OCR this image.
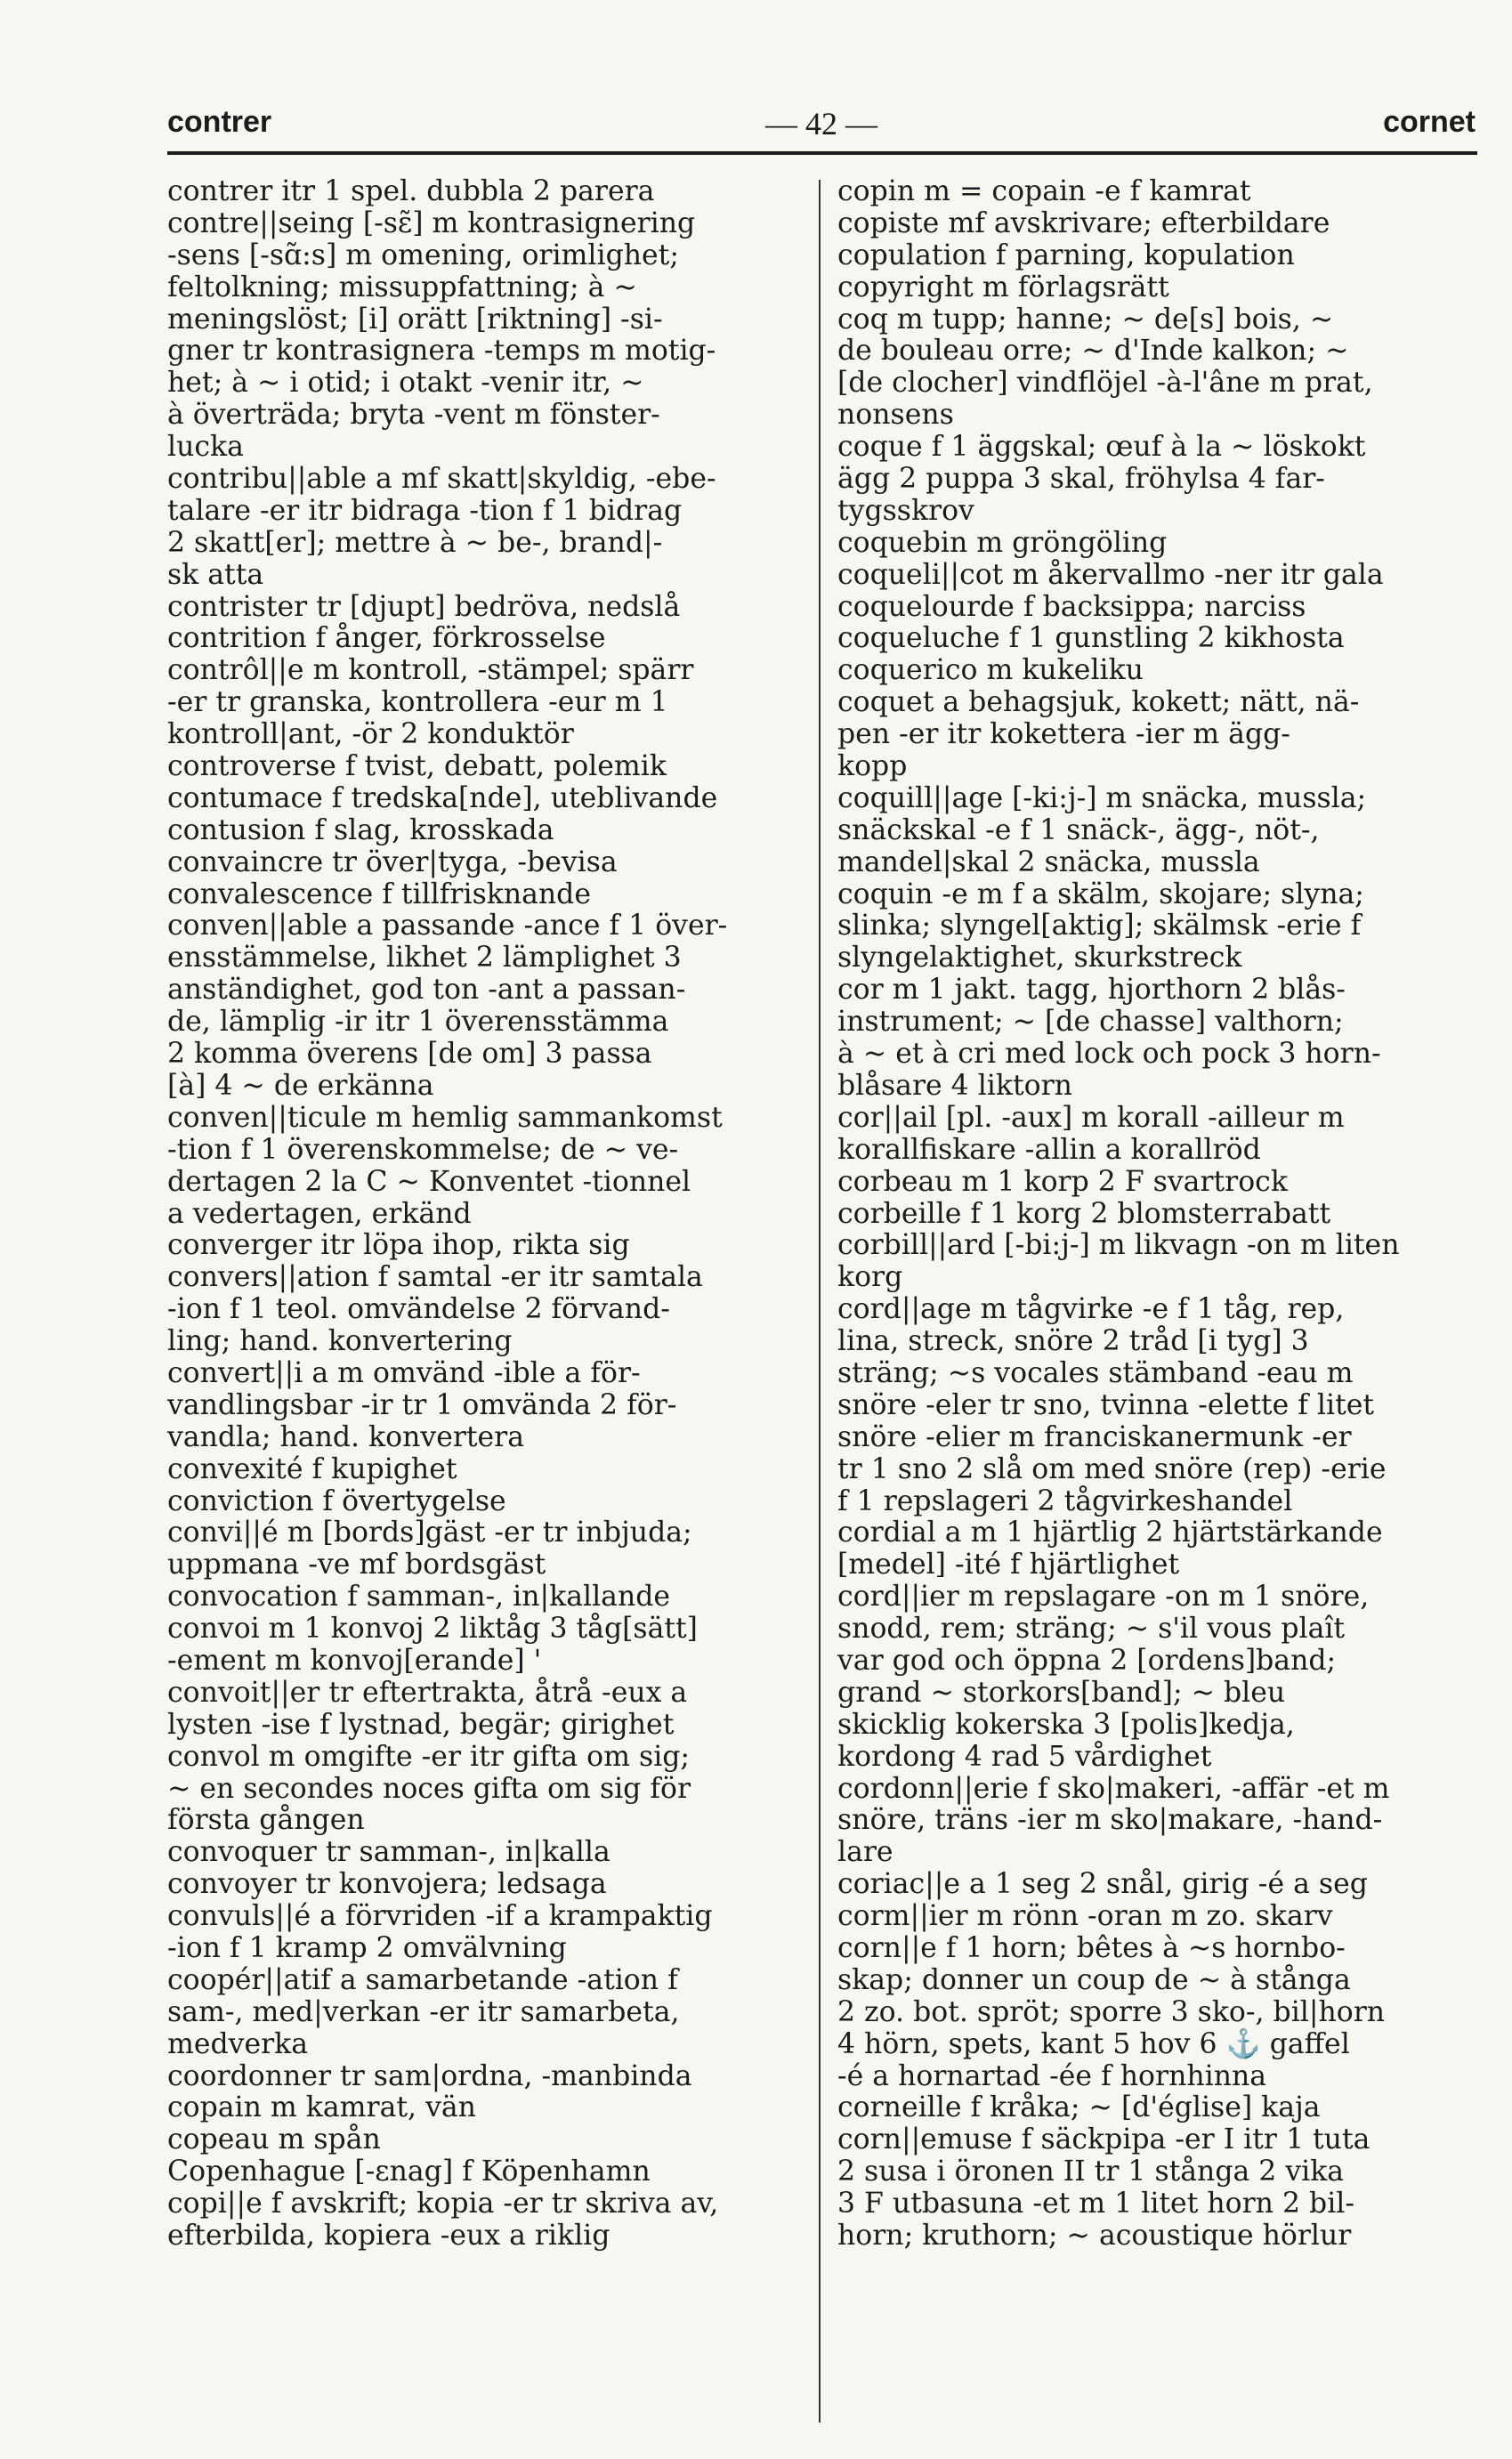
contrer	— 42 —	cornet
contrer itr 1 spel. dubbla 2 parera
contre||seing [-sɛ̃] m kontrasignering
-sens [-sɑ̃:s] m omening, orimlighet;
feltolkning; missuppfattning; à ~
meningslöst; [i] orätt [riktning] -si-
gner tr kontrasignera -temps m motig-
het; à ~ i otid; i otakt -venir itr, ~
à överträda; bryta -vent m fönster-
lucka
contribu||able a mf skatt|skyldig, -ebe-
talare -er itr bidraga -tion f 1 bidrag
2 skatt[er]; mettre à ~ be-, brand|-
sk atta
contrister tr [djupt] bedröva, nedslå
contrition f ånger, förkrosselse
contrôl||e m kontroll, -stämpel; spärr
-er tr granska, kontrollera -eur m 1
kontroll|ant, -ör 2 konduktör
controverse f tvist, debatt, polemik
contumace f tredska[nde], uteblivande
contusion f slag, krosskada
convaincre tr över|tyga, -bevisa
convalescence f tillfrisknande
conven||able a passande -ance f 1 över-
ensstämmelse, likhet 2 lämplighet 3
anständighet, god ton -ant a passan-
de, lämplig -ir itr 1 överensstämma
2 komma överens [de om] 3 passa
[à] 4 ~ de erkänna
conven||ticule m hemlig sammankomst
-tion f 1 överenskommelse; de ~ ve-
dertagen 2 la C ~ Konventet -tionnel
a vedertagen, erkänd
converger itr löpa ihop, rikta sig
convers||ation f samtal -er itr samtala
-ion f 1 teol. omvändelse 2 förvand-
ling; hand. konvertering
convert||i a m omvänd -ible a för-
vandlingsbar -ir tr 1 omvända 2 för-
vandla; hand. konvertera
convexité f kupighet
conviction f övertygelse
convi||é m [bords]gäst -er tr inbjuda;
uppmana -ve mf bordsgäst
convocation f samman-, in|kallande
convoi m 1 konvoj 2 liktåg 3 tåg[sätt]
-ement m konvoj[erande] '
convoit||er tr eftertrakta, åtrå -eux a
lysten -ise f lystnad, begär; girighet
convol m omgifte -er itr gifta om sig;
~ en secondes noces gifta om sig för
första gången
convoquer tr samman-, in|kalla
convoyer tr konvojera; ledsaga
convuls||é a förvriden -if a krampaktig
-ion f 1 kramp 2 omvälvning
coopér||atif a samarbetande -ation f
sam-, med|verkan -er itr samarbeta,
medverka
coordonner tr sam|ordna, -manbinda
copain m kamrat, vän
copeau m spån
Copenhague [-ɛnag] f Köpenhamn
copi||e f avskrift; kopia -er tr skriva av,
efterbilda, kopiera -eux a riklig
copin m = copain -e f kamrat
copiste mf avskrivare; efterbildare
copulation f parning, kopulation
copyright m förlagsrätt
coq m tupp; hanne; ~ de[s] bois, ~
de bouleau orre; ~ d'Inde kalkon; ~
[de clocher] vindflöjel -à-l'âne m prat,
nonsens
coque f 1 äggskal; œuf à la ~ löskokt
ägg 2 puppa 3 skal, fröhylsa 4 far-
tygsskrov
coquebin m gröngöling
coqueli||cot m åkervallmo -ner itr gala
coquelourde f backsippa; narciss
coqueluche f 1 gunstling 2 kikhosta
coquerico m kukeliku
coquet a behagsjuk, kokett; nätt, nä-
pen -er itr kokettera -ier m ägg-
kopp
coquill||age [-ki:j-] m snäcka, mussla;
snäckskal -e f 1 snäck-, ägg-, nöt-,
mandel|skal 2 snäcka, mussla
coquin -e m f a skälm, skojare; slyna;
slinka; slyngel[aktig]; skälmsk -erie f
slyngelaktighet, skurkstreck
cor m 1 jakt. tagg, hjorthorn 2 blås-
instrument; ~ [de chasse] valthorn;
à ~ et à cri med lock och pock 3 horn-
blåsare 4 liktorn
cor||ail [pl. -aux] m korall -ailleur m
korallfiskare -allin a korallröd
corbeau m 1 korp 2 F svartrock
corbeille f 1 korg 2 blomsterrabatt
corbill||ard [-bi:j-] m likvagn -on m liten
korg
cord||age m tågvirke -e f 1 tåg, rep,
lina, streck, snöre 2 tråd [i tyg] 3
sträng; ~s vocales stämband -eau m
snöre -eler tr sno, tvinna -elette f litet
snöre -elier m franciskanermunk -er
tr 1 sno 2 slå om med snöre (rep) -erie
f 1 repslageri 2 tågvirkeshandel
cordial a m 1 hjärtlig 2 hjärtstärkande
[medel] -ité f hjärtlighet
cord||ier m repslagare -on m 1 snöre,
snodd, rem; sträng; ~ s'il vous plaît
var god och öppna 2 [ordens]band;
grand ~ storkors[band]; ~ bleu
skicklig kokerska 3 [polis]kedja,
kordong 4 rad 5 vårdighet
cordonn||erie f sko|makeri, -affär -et m
snöre, träns -ier m sko|makare, -hand-
lare
coriac||e a 1 seg 2 snål, girig -é a seg
corm||ier m rönn -oran m zo. skarv
corn||e f 1 horn; bêtes à ~s hornbo-
skap; donner un coup de ~ à stånga
2 zo. bot. spröt; sporre 3 sko-, bil|horn
4 hörn, spets, kant 5 hov 6 ⚓ gaffel
-é a hornartad -ée f hornhinna
corneille f kråka; ~ [d'église] kaja
corn||emuse f säckpipa -er I itr 1 tuta
2 susa i öronen II tr 1 stånga 2 vika
3 F utbasuna -et m 1 litet horn 2 bil-
horn; kruthorn; ~ acoustique hörlur
